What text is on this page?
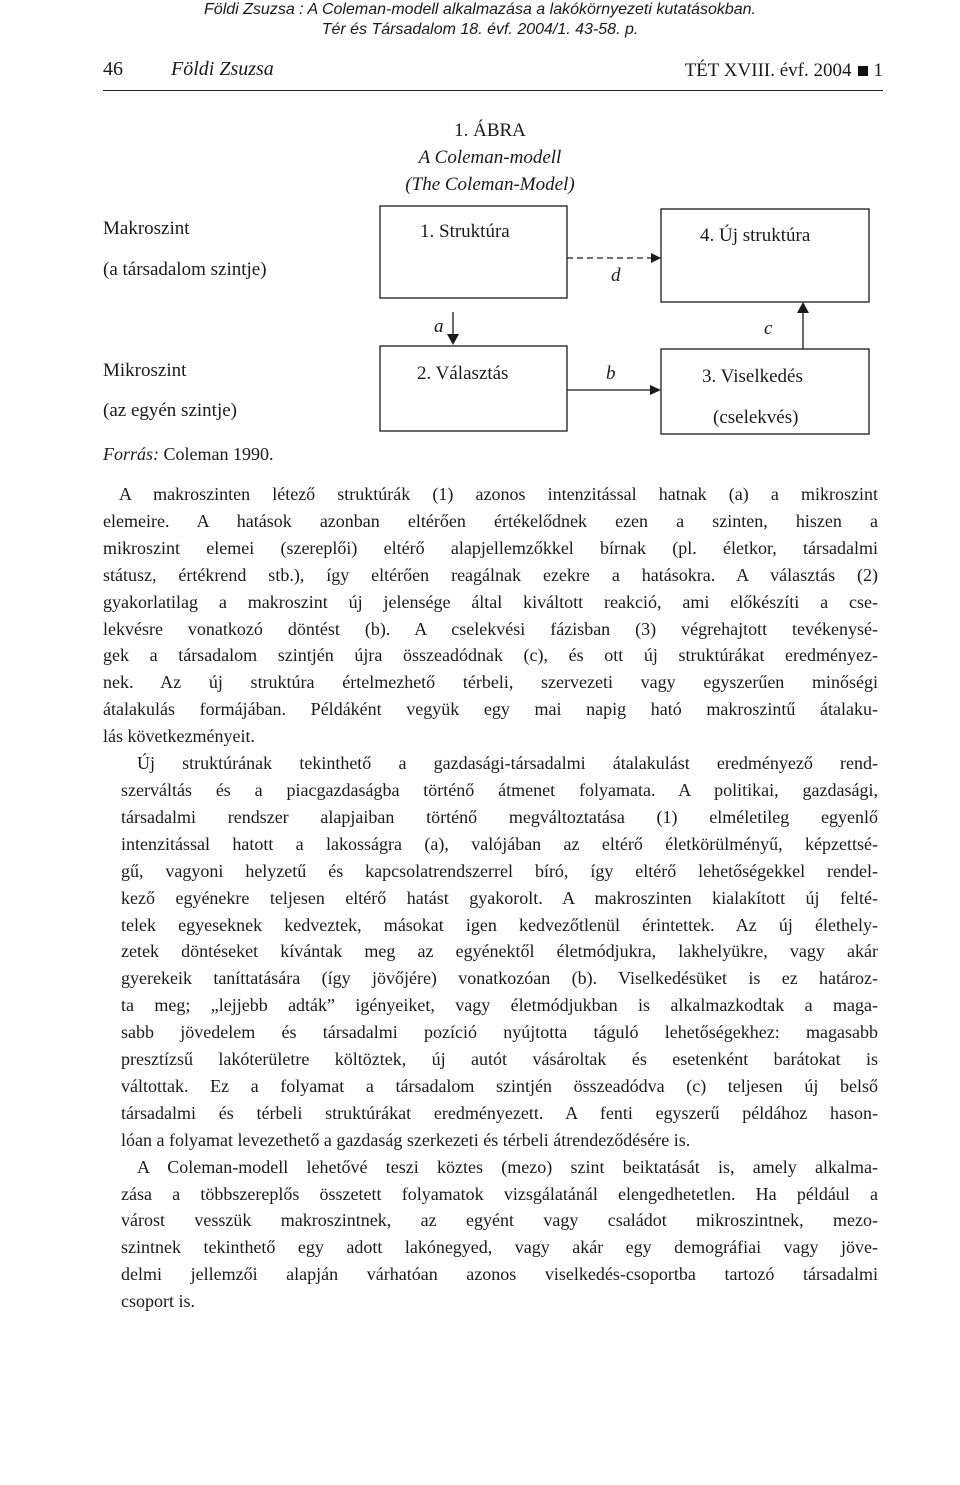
Földi Zsuzsa : A Coleman-modell alkalmazása a lakókörnyezeti kutatásokban.
Tér és Társadalom 18. évf. 2004/1. 43-58. p.
46 Földi Zsuzsa	TÉT XVIII. évf. 2004 1
1. ÁBRA
A Coleman-modell
(The Coleman-Model)
Makroszint
(a társadalom szintje)
Mikroszint
(az egyén szintje)
1. Struktúra	4. Új struktúra
2. Választás	3. Viselkedés
(cselekvés)
d
a
b
c
Forrás: Coleman 1990.

A makroszinten létező struktúrák (1) azonos intenzitással hatnak (a) a mikroszint
elemeire. A hatások azonban eltérően értékelődnek ezen a szinten, hiszen a
mikroszint elemei (szereplői) eltérő alapjellemzőkkel bírnak (pl. életkor, társadalmi
státusz, értékrend stb.), így eltérően reagálnak ezekre a hatásokra. A választás (2)
gyakorlatilag a makroszint új jelensége által kiváltott reakció, ami előkészíti a cse-
lekvésre vonatkozó döntést (b). A cselekvési fázisban (3) végrehajtott tevékenysé-
gek a társadalom szintjén újra összeadódnak (c), és ott új struktúrákat eredményez-
nek. Az új struktúra értelmezhető térbeli, szervezeti vagy egyszerűen minőségi
átalakulás formájában. Példáként vegyük egy mai napig ható makroszintű átalaku-
lás következményeit.

Új struktúrának tekinthető a gazdasági-társadalmi átalakulást eredményező rend-
szerváltás és a piacgazdaságba történő átmenet folyamata. A politikai, gazdasági,
társadalmi rendszer alapjaiban történő megváltoztatása (1) elméletileg egyenlő
intenzitással hatott a lakosságra (a), valójában az eltérő életkörülményű, képzettsé-
gű, vagyoni helyzetű és kapcsolatrendszerrel bíró, így eltérő lehetőségekkel rendel-
kező egyénekre teljesen eltérő hatást gyakorolt. A makroszinten kialakított új felté-
telek egyeseknek kedveztek, másokat igen kedvezőtlenül érintettek. Az új élethely-
zetek döntéseket kívántak meg az egyénektől életmódjukra, lakhelyükre, vagy akár
gyerekeik taníttatására (így jövőjére) vonatkozóan (b). Viselkedésüket is ez határoz-
ta meg; „lejjebb adták” igényeiket, vagy életmódjukban is alkalmazkodtak a maga-
sabb jövedelem és társadalmi pozíció nyújtotta táguló lehetőségekhez: magasabb
presztízsű lakóterületre költöztek, új autót vásároltak és esetenként barátokat is
váltottak. Ez a folyamat a társadalom szintjén összeadódva (c) teljesen új belső
társadalmi és térbeli struktúrákat eredményezett. A fenti egyszerű példához hason-
lóan a folyamat levezethető a gazdaság szerkezeti és térbeli átrendeződésére is.

A Coleman-modell lehetővé teszi köztes (mezo) szint beiktatását is, amely alkalma-
zása a többszereplős összetett folyamatok vizsgálatánál elengedhetetlen. Ha például a
várost vesszük makroszintnek, az egyént vagy családot mikroszintnek, mezo-
szintnek tekinthető egy adott lakónegyed, vagy akár egy demográfiai vagy jöve-
delmi jellemzői alapján várhatóan azonos viselkedés-csoportba tartozó társadalmi
csoport is.
